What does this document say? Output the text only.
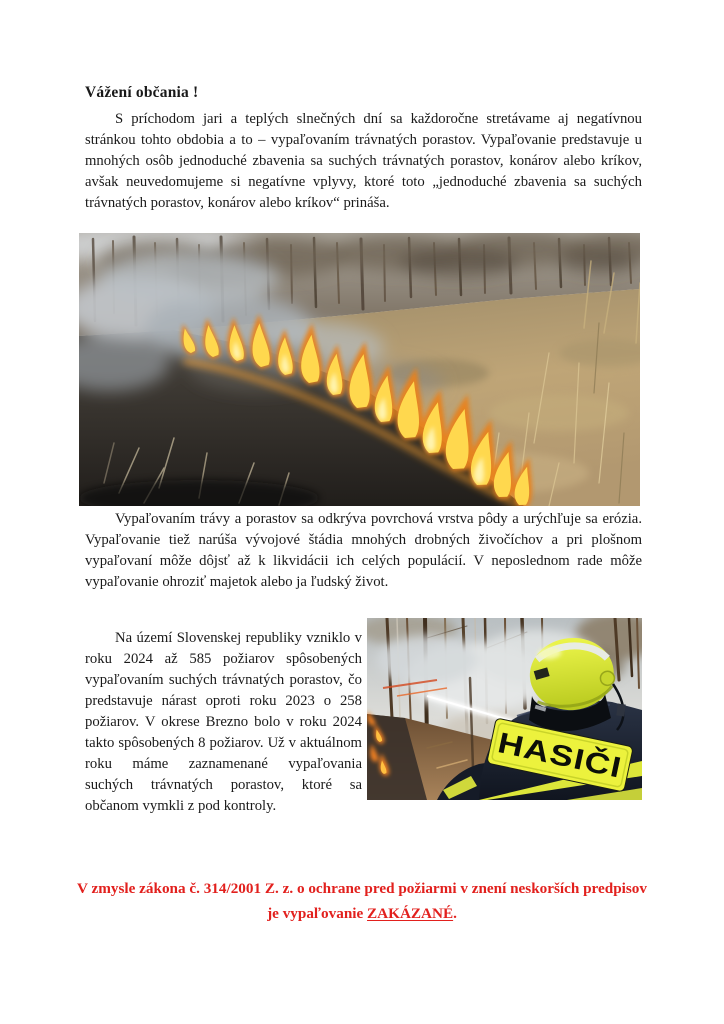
Vážení občania !

S príchodom jari a teplých slnečných dní sa každoročne stretávame aj negatívnou stránkou tohto obdobia a to – vypaľovaním trávnatých porastov. Vypaľovanie predstavuje u mnohých osôb jednoduché zbavenia sa suchých trávnatých porastov, konárov alebo kríkov, avšak neuvedomujeme si negatívne vplyvy, ktoré toto „jednoduché zbavenia sa suchých trávnatých porastov, konárov alebo kríkov“ prináša.

Vypaľovaním trávy a porastov sa odkrýva povrchová vrstva pôdy a urýchľuje sa erózia. Vypaľovanie tiež narúša vývojové štádia mnohých drobných živočíchov a pri plošnom vypaľovaní môže dôjsť až k likvidácii ich celých populácií. V neposlednom rade môže vypaľovanie ohroziť majetok alebo ja ľudský život.

Na území Slovenskej republiky vzniklo v roku 2024 až 585 požiarov spôsobených vypaľovaním suchých trávnatých porastov, čo predstavuje nárast oproti roku 2023 o 258 požiarov. V okrese Brezno bolo v roku 2024 takto spôsobených 8 požiarov. Už v aktuálnom roku máme zaznamenané vypaľovania suchých trávnatých porastov, ktoré sa občanom vymkli z pod kontroly.

HASIČI

V zmysle zákona č. 314/2001 Z. z. o ochrane pred požiarmi v znení neskorších predpisov
je vypaľovanie ZAKÁZANÉ.
